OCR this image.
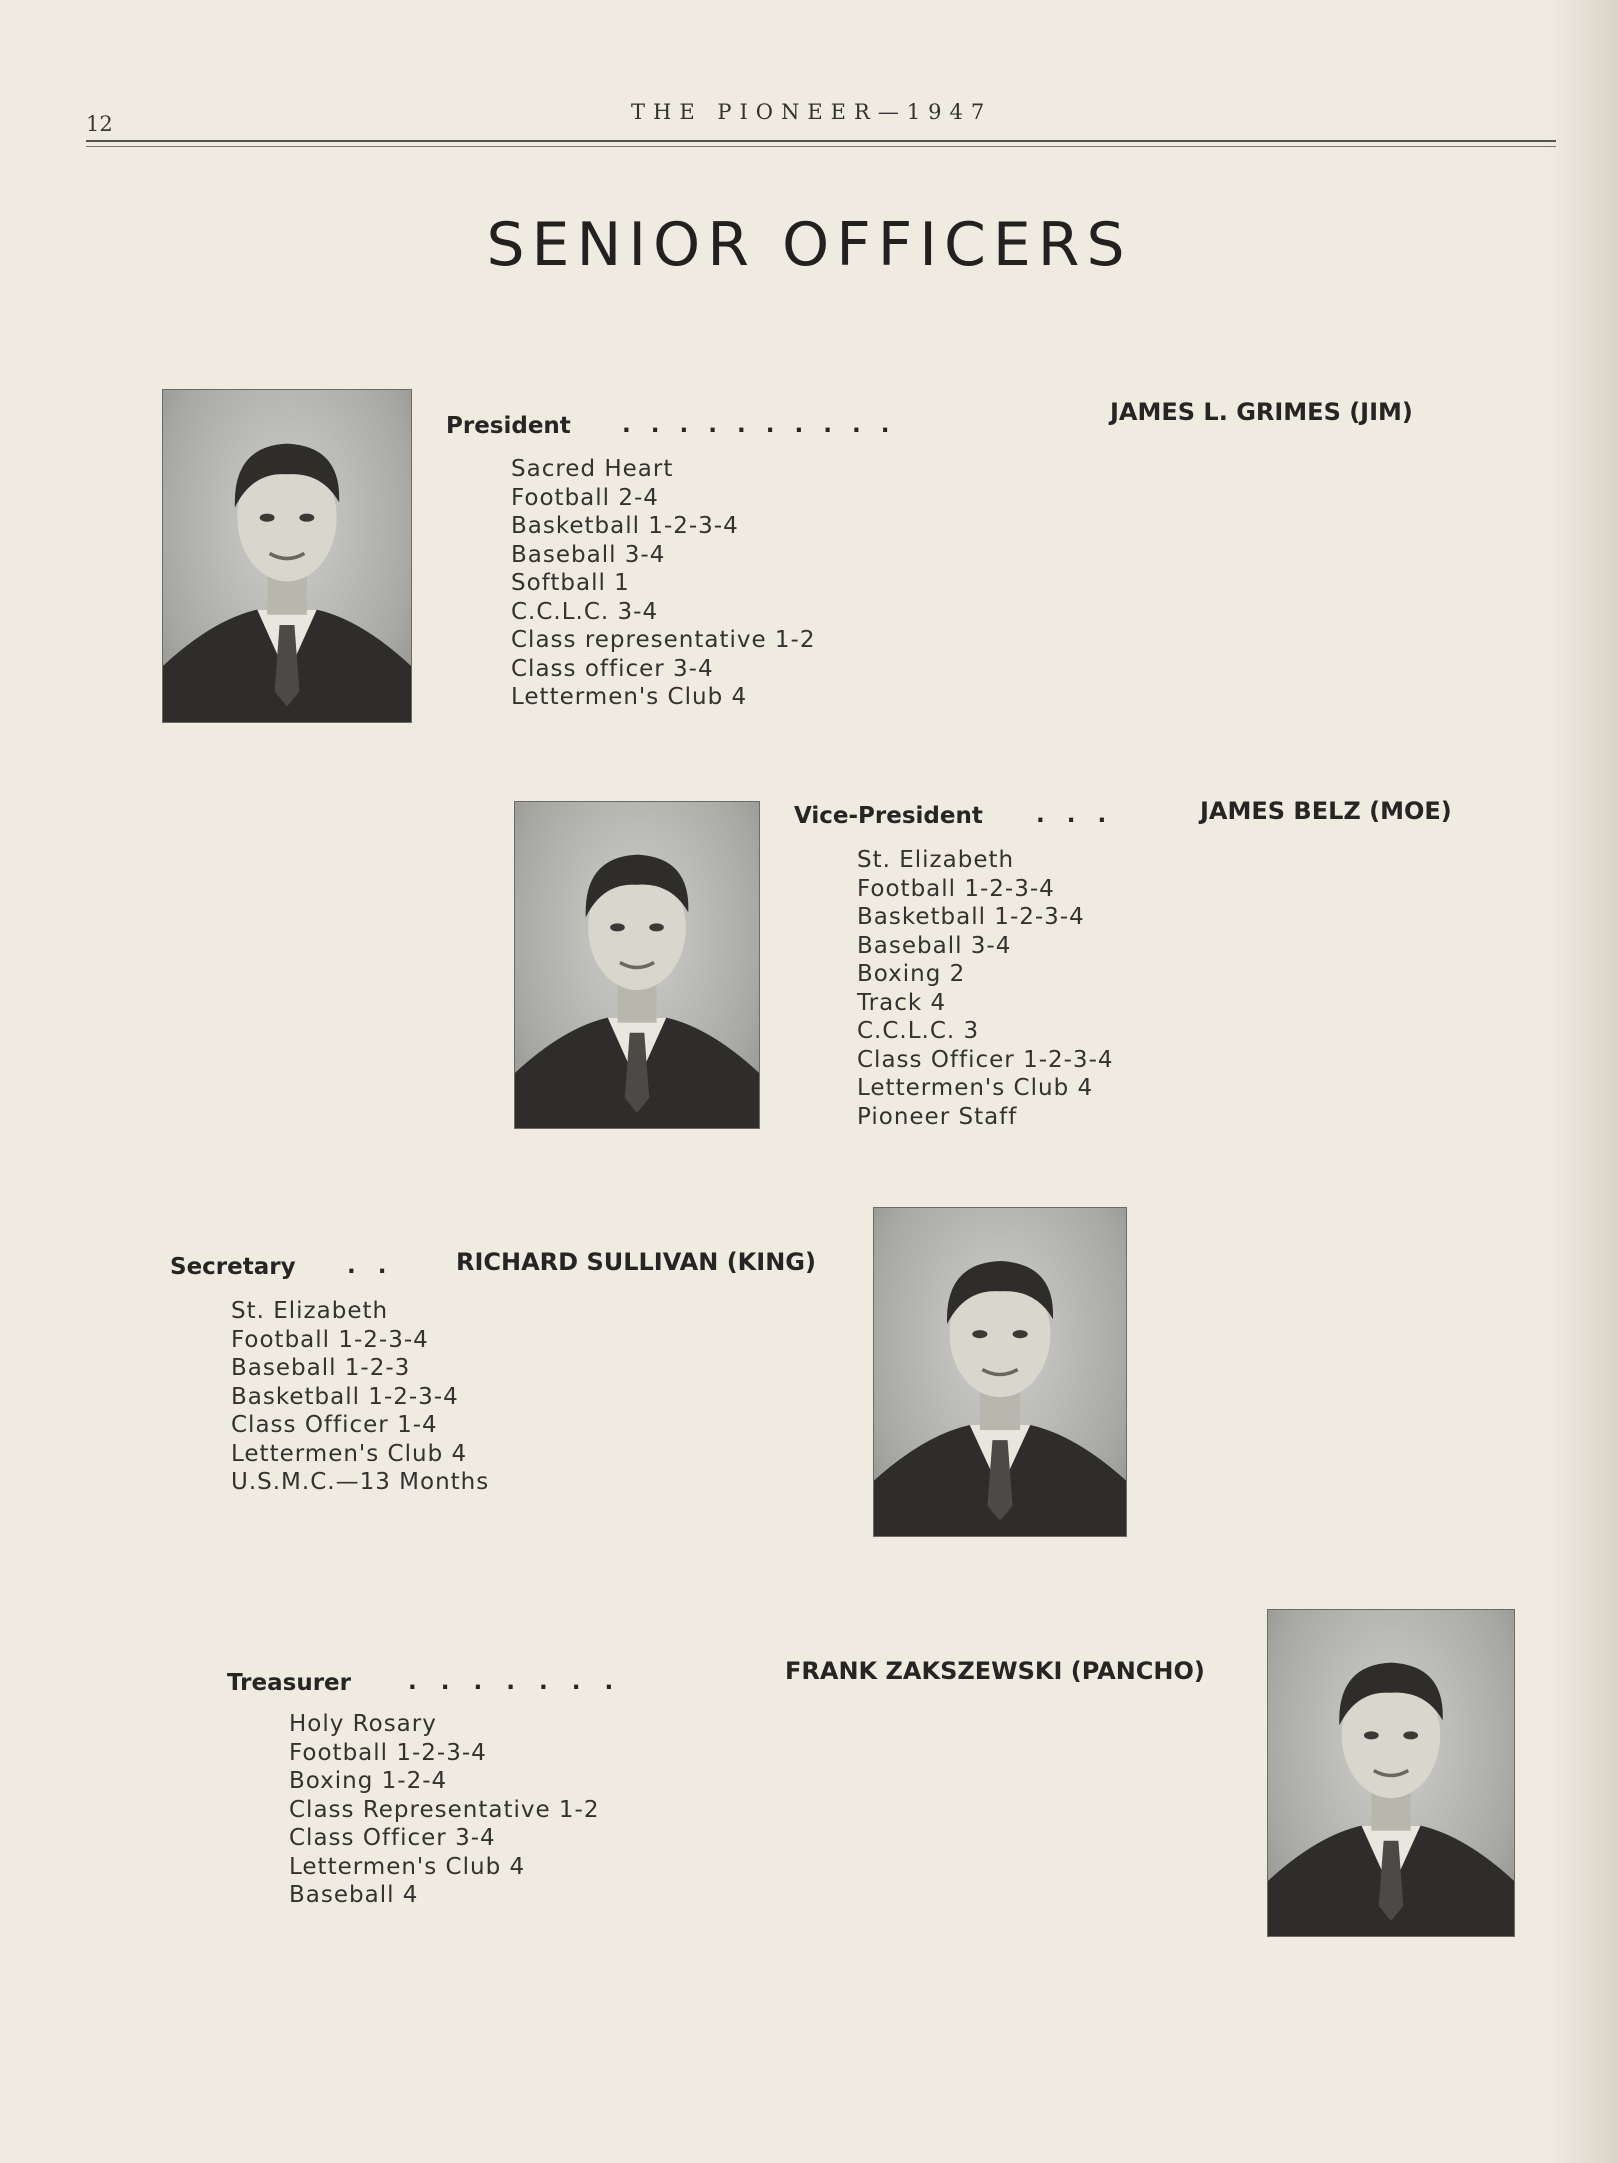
12	THE PIONEER—1947
SENIOR OFFICERS
President . . . . . . . . . .	JAMES L. GRIMES (JIM)
Sacred Heart
Football 2-4
Basketball 1-2-3-4
Baseball 3-4
Softball 1
C.C.L.C. 3-4
Class representative 1-2
Class officer 3-4
Lettermen's Club 4
Vice-President . . .	JAMES BELZ (MOE)
St. Elizabeth
Football 1-2-3-4
Basketball 1-2-3-4
Baseball 3-4
Boxing 2
Track 4
C.C.L.C. 3
Class Officer 1-2-3-4
Lettermen's Club 4
Pioneer Staff
Secretary . .	RICHARD SULLIVAN (KING)
St. Elizabeth
Football 1-2-3-4
Baseball 1-2-3
Basketball 1-2-3-4
Class Officer 1-4
Lettermen's Club 4
U.S.M.C.—13 Months
Treasurer . . . . . . .	FRANK ZAKSZEWSKI (PANCHO)
Holy Rosary
Football 1-2-3-4
Boxing 1-2-4
Class Representative 1-2
Class Officer 3-4
Lettermen's Club 4
Baseball 4
